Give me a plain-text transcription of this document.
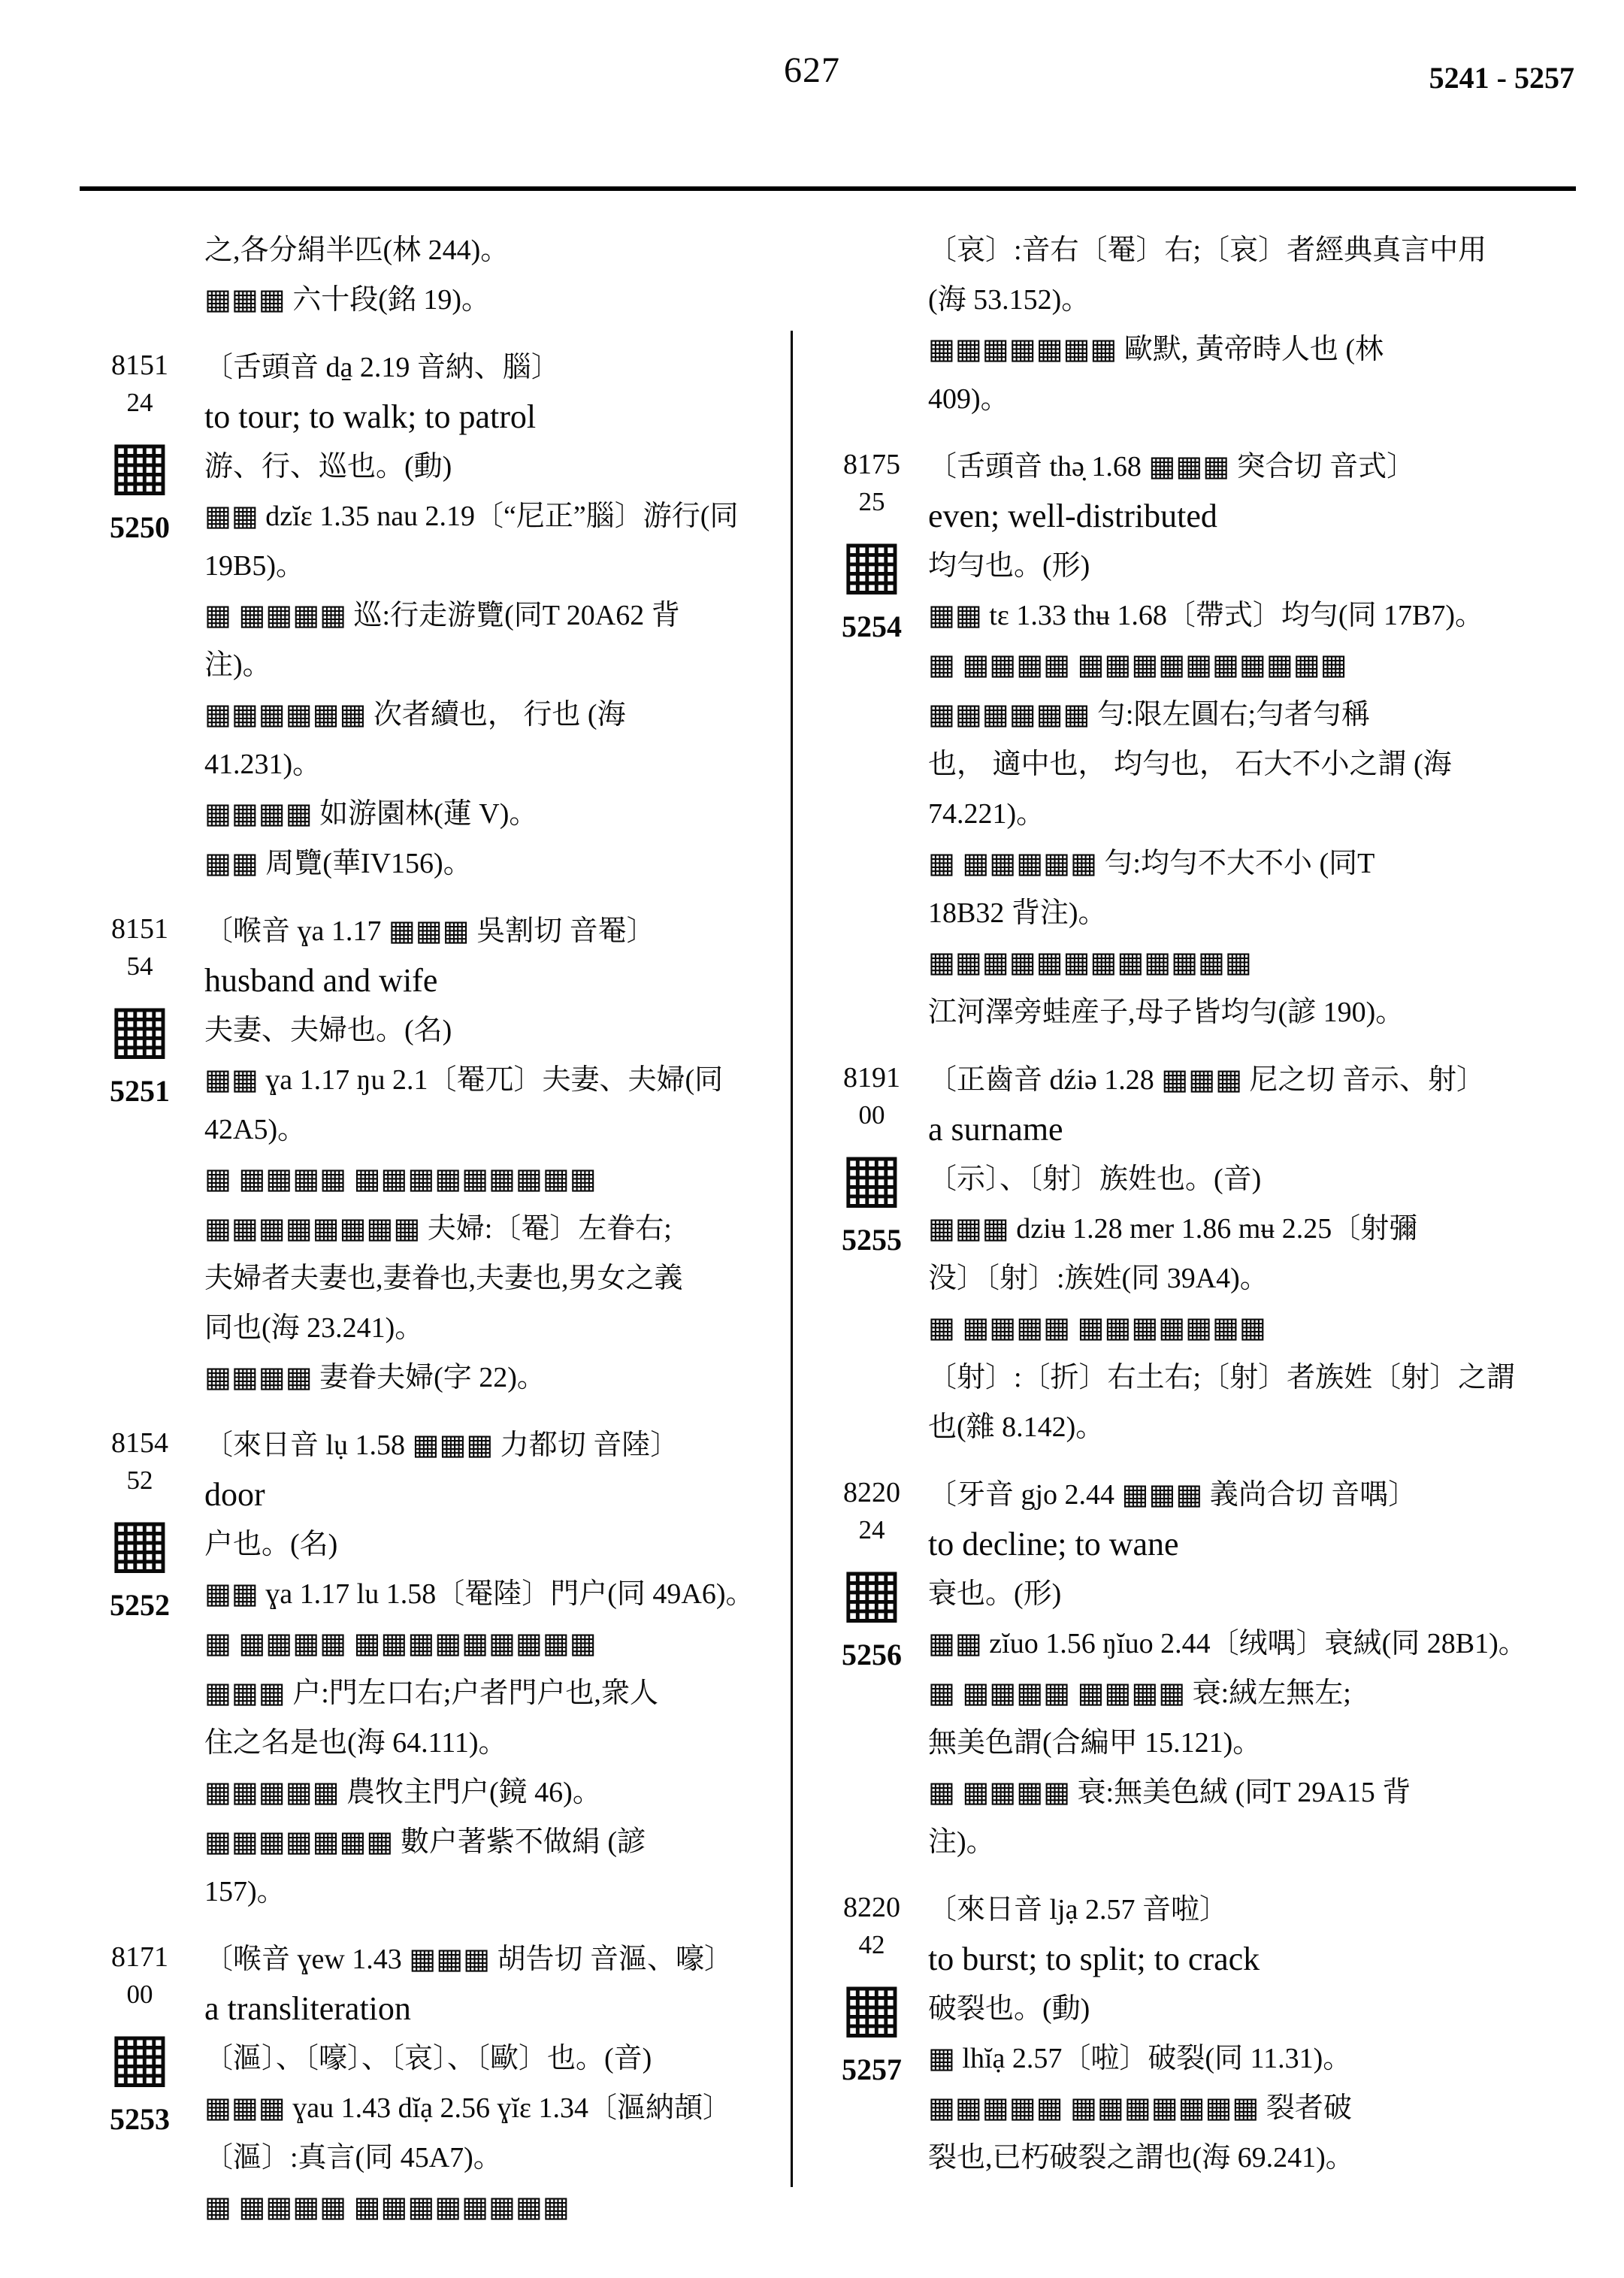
627	5241 - 5257
之,各分絹半匹(林 244)。
▦▦▦ 六十段(銘 19)。
8151
24
▦
5250
〔舌頭音 da̱ 2.19 音納、腦〕
to tour; to walk; to patrol
游、行、巡也。(動)
▦▦ dzĭɛ 1.35 nau 2.19〔“尼正”腦〕游行(同
19B5)。
▦ ▦▦▦▦ 巡:行走游覽(同T 20A62 背
注)。
▦▦▦▦▦▦ 次者續也， 行也 (海
41.231)。
▦▦▦▦ 如游園林(蓮 V)。
▦▦ 周覽(華IV156)。
8151
54
▦
5251
〔喉音 ɣa 1.17 ▦▦▦ 吳割切 音罨〕
husband and wife
夫妻、夫婦也。(名)
▦▦ ɣa 1.17 ŋu 2.1〔罨兀〕夫妻、夫婦(同
42A5)。
▦ ▦▦▦▦ ▦▦▦▦▦▦▦▦▦
▦▦▦▦▦▦▦▦ 夫婦:〔罨〕左眷右;
夫婦者夫妻也,妻眷也,夫妻也,男女之義
同也(海 23.241)。
▦▦▦▦ 妻眷夫婦(字 22)。
8154
52
▦
5252
〔來日音 lụ 1.58 ▦▦▦ 力都切 音陸〕
door
户也。(名)
▦▦ ɣa 1.17 lu 1.58〔罨陸〕門户(同 49A6)。
▦ ▦▦▦▦ ▦▦▦▦▦▦▦▦▦
▦▦▦ 户:門左口右;户者門户也,衆人
住之名是也(海 64.111)。
▦▦▦▦▦ 農牧主門户(鏡 46)。
▦▦▦▦▦▦▦ 數户著紫不做絹 (諺
157)。
8171
00
▦
5253
〔喉音 ɣew 1.43 ▦▦▦ 胡告切 音漚、嚎〕
a transliteration
〔漚〕、〔嚎〕、〔哀〕、〔歐〕也。(音)
▦▦▦ ɣau 1.43 dĭạ 2.56 ɣĭɛ 1.34〔漚納頡〕
〔漚〕:真言(同 45A7)。
▦ ▦▦▦▦ ▦▦▦▦▦▦▦▦
〔哀〕:音右〔罨〕右;〔哀〕者經典真言中用
(海 53.152)。
▦▦▦▦▦▦▦ 歐默, 黃帝時人也 (林
409)。
8175
25
▦
5254
〔舌頭音 thə̣ 1.68 ▦▦▦ 突合切 音式〕
even; well-distributed
均勻也。(形)
▦▦ tɛ 1.33 thʉ 1.68〔帶式〕均勻(同 17B7)。
▦ ▦▦▦▦ ▦▦▦▦▦▦▦▦▦▦
▦▦▦▦▦▦ 勻:限左圓右;勻者勻稱
也， 適中也， 均勻也， 石大不小之謂 (海
74.221)。
▦ ▦▦▦▦▦ 勻:均勻不大不小 (同T
18B32 背注)。
▦▦▦▦▦▦▦▦▦▦▦▦
江河澤旁蛙産子,母子皆均勻(諺 190)。
8191
00
▦
5255
〔正齒音 dźiə 1.28 ▦▦▦ 尼之切 音示、射〕
a surname
〔示〕、〔射〕族姓也。(音)
▦▦▦ dziʉ 1.28 mer 1.86 mʉ 2.25〔射彌
没〕〔射〕:族姓(同 39A4)。
▦ ▦▦▦▦ ▦▦▦▦▦▦▦
〔射〕:〔折〕右土右;〔射〕者族姓〔射〕之謂
也(雜 8.142)。
8220
24
▦
5256
〔牙音 gjo 2.44 ▦▦▦ 義尚合切 音喁〕
to decline; to wane
衰也。(形)
▦▦ zĭuo 1.56 ŋĭuo 2.44〔绒喁〕衰絨(同 28B1)。
▦ ▦▦▦▦ ▦▦▦▦ 衰:絨左無左;
無美色謂(合編甲 15.121)。
▦ ▦▦▦▦ 衰:無美色絨 (同T 29A15 背
注)。
8220
42
▦
5257
〔來日音 ljạ 2.57 音啦〕
to burst; to split; to crack
破裂也。(動)
▦ lhĭạ 2.57〔啦〕破裂(同 11.31)。
▦▦▦▦▦ ▦▦▦▦▦▦▦ 裂者破
裂也,已朽破裂之謂也(海 69.241)。
